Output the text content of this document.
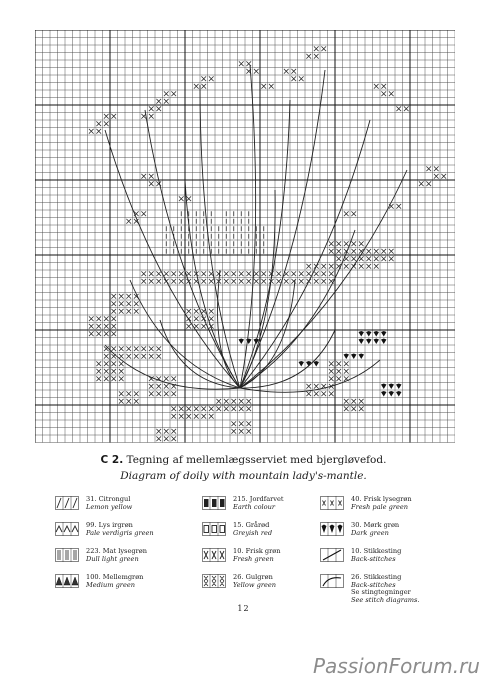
C 2. Tegning af mellemlægsserviet med bjergløvefod.
Diagram of doily with mountain lady's-mantle.
31. Citrongul
Lemon yellow
99. Lys irgrøn
Pale verdigris green
223. Mat lysegrøn
Dull light green
100. Mellemgrøn
Medium green
215. Jordfarvet
Earth colour
15. Grårød
Greyish red
10. Frisk grøn
Fresh green
26. Gulgrøn
Yellow green
40. Frisk lysegrøn
Fresh pale green
30. Mørk grøn
Dark green
10. Stikkesting
Back-stitches
26. Stikkesting
Back-stitches
Se stingtegninger
See stitch diagrams.
12
PassionForum.ru
